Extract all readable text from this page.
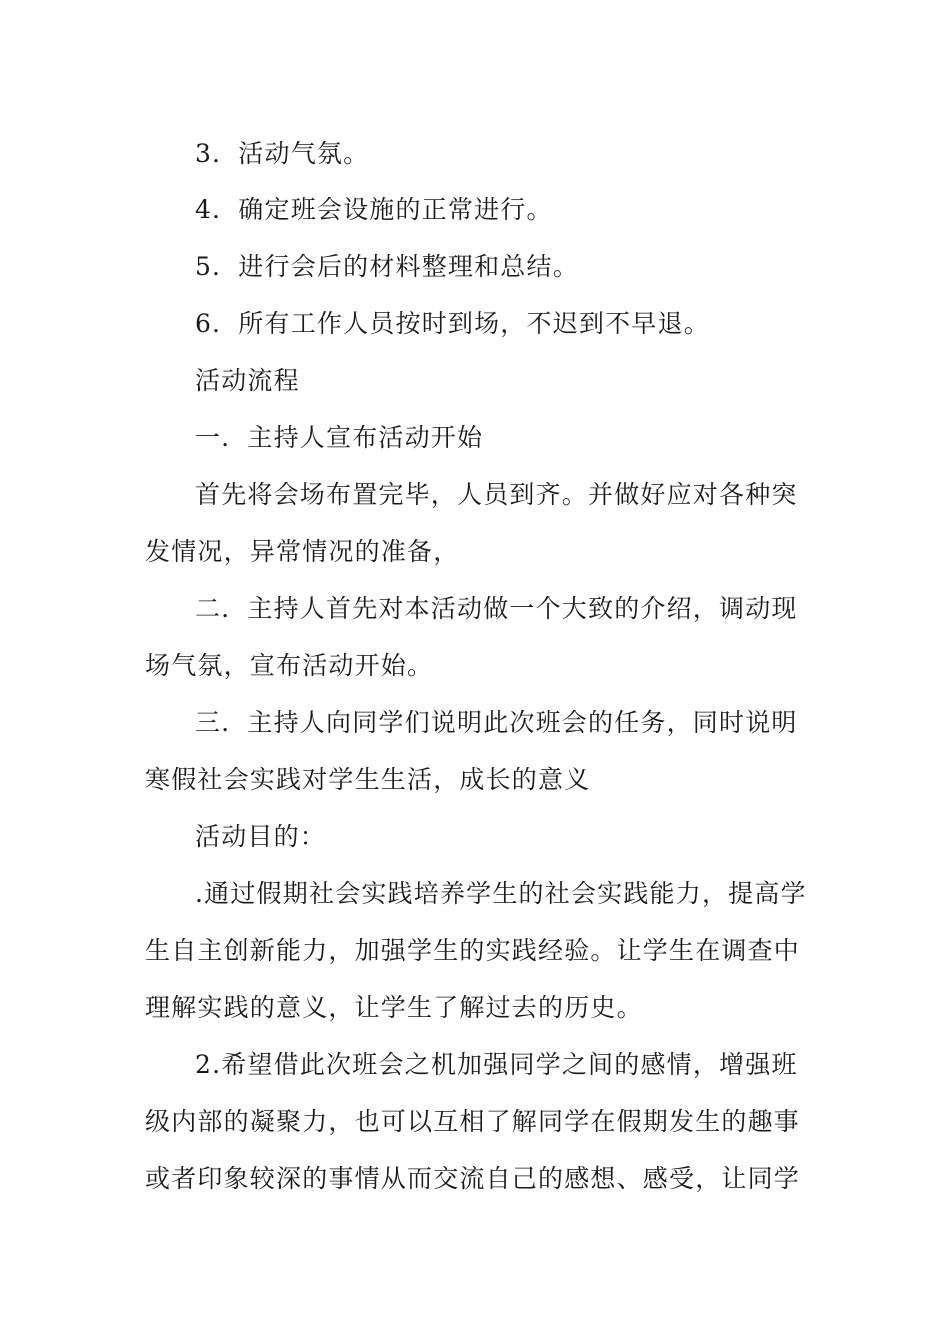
3．活动气氛。
4．确定班会设施的正常进行。
5．进行会后的材料整理和总结。
6．所有工作人员按时到场，不迟到不早退。
活动流程
一．主持人宣布活动开始
首先将会场布置完毕，人员到齐。并做好应对各种突
发情况，异常情况的准备，
二．主持人首先对本活动做一个大致的介绍，调动现
场气氛，宣布活动开始。
三．主持人向同学们说明此次班会的任务，同时说明
寒假社会实践对学生生活，成长的意义
活动目的：
.通过假期社会实践培养学生的社会实践能力，提高学
生自主创新能力，加强学生的实践经验。让学生在调查中
理解实践的意义，让学生了解过去的历史。
2.希望借此次班会之机加强同学之间的感情，增强班
级内部的凝聚力，也可以互相了解同学在假期发生的趣事
或者印象较深的事情从而交流自己的感想、感受，让同学
